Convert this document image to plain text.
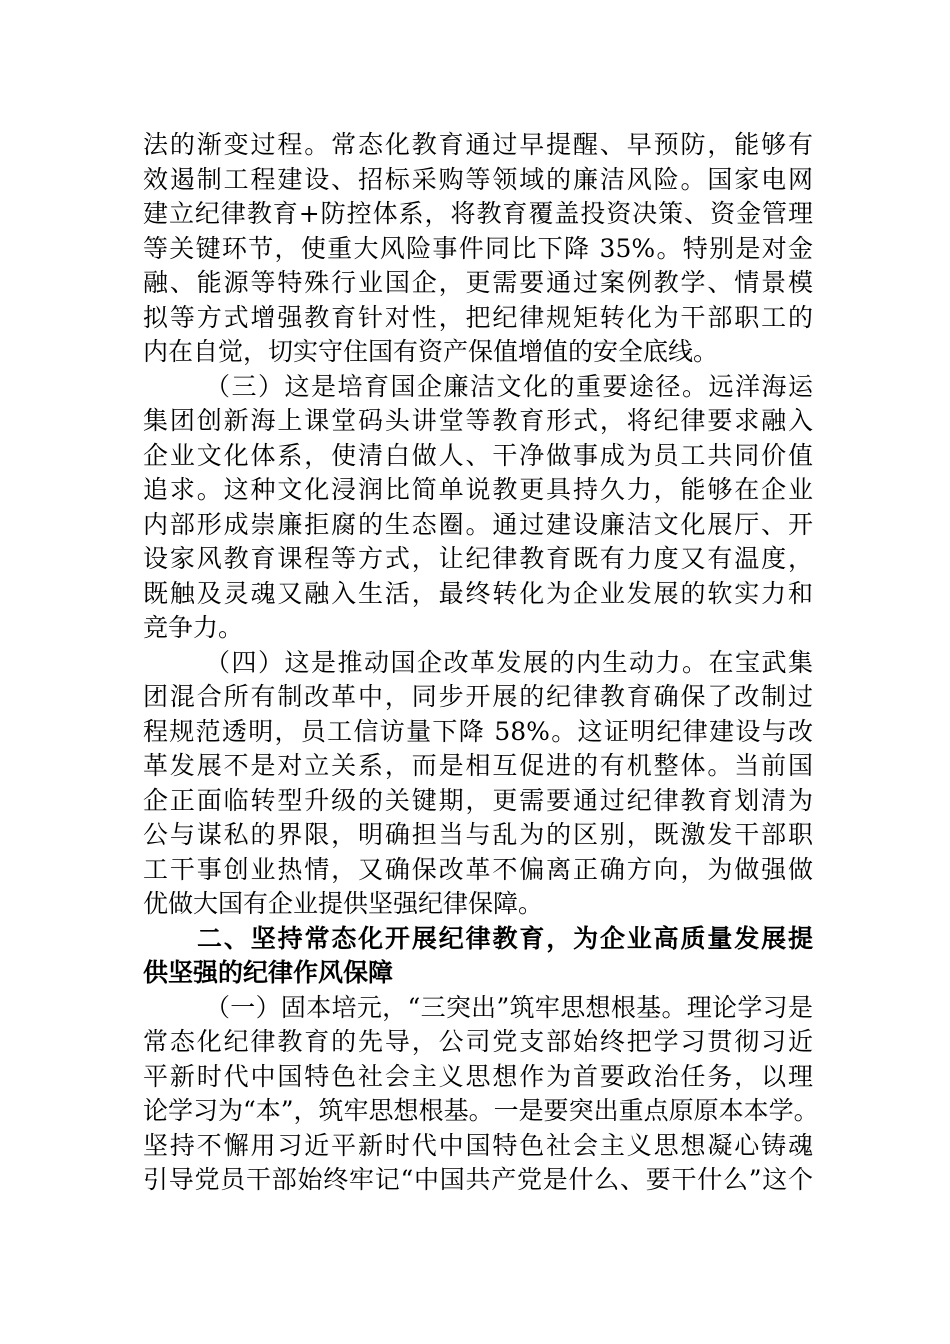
法的渐变过程。常态化教育通过早提醒、早预防，能够有
效遏制工程建设、招标采购等领域的廉洁风险。国家电网
建立纪律教育+防控体系，将教育覆盖投资决策、资金管理
等关键环节，使重大风险事件同比下降 35%。特别是对金
融、能源等特殊行业国企，更需要通过案例教学、情景模
拟等方式增强教育针对性，把纪律规矩转化为干部职工的
内在自觉，切实守住国有资产保值增值的安全底线。
（三）这是培育国企廉洁文化的重要途径。远洋海运
集团创新海上课堂码头讲堂等教育形式，将纪律要求融入
企业文化体系，使清白做人、干净做事成为员工共同价值
追求。这种文化浸润比简单说教更具持久力，能够在企业
内部形成崇廉拒腐的生态圈。通过建设廉洁文化展厅、开
设家风教育课程等方式，让纪律教育既有力度又有温度，
既触及灵魂又融入生活，最终转化为企业发展的软实力和
竞争力。
（四）这是推动国企改革发展的内生动力。在宝武集
团混合所有制改革中，同步开展的纪律教育确保了改制过
程规范透明，员工信访量下降 58%。这证明纪律建设与改
革发展不是对立关系，而是相互促进的有机整体。当前国
企正面临转型升级的关键期，更需要通过纪律教育划清为
公与谋私的界限，明确担当与乱为的区别，既激发干部职
工干事创业热情，又确保改革不偏离正确方向，为做强做
优做大国有企业提供坚强纪律保障。
二、坚持常态化开展纪律教育，为企业高质量发展提
供坚强的纪律作风保障
（一）固本培元，“三突出”筑牢思想根基。理论学习是
常态化纪律教育的先导，公司党支部始终把学习贯彻习近
平新时代中国特色社会主义思想作为首要政治任务，以理
论学习为“本”，筑牢思想根基。一是要突出重点原原本本学。
坚持不懈用习近平新时代中国特色社会主义思想凝心铸魂
引导党员干部始终牢记“中国共产党是什么、要干什么”这个
